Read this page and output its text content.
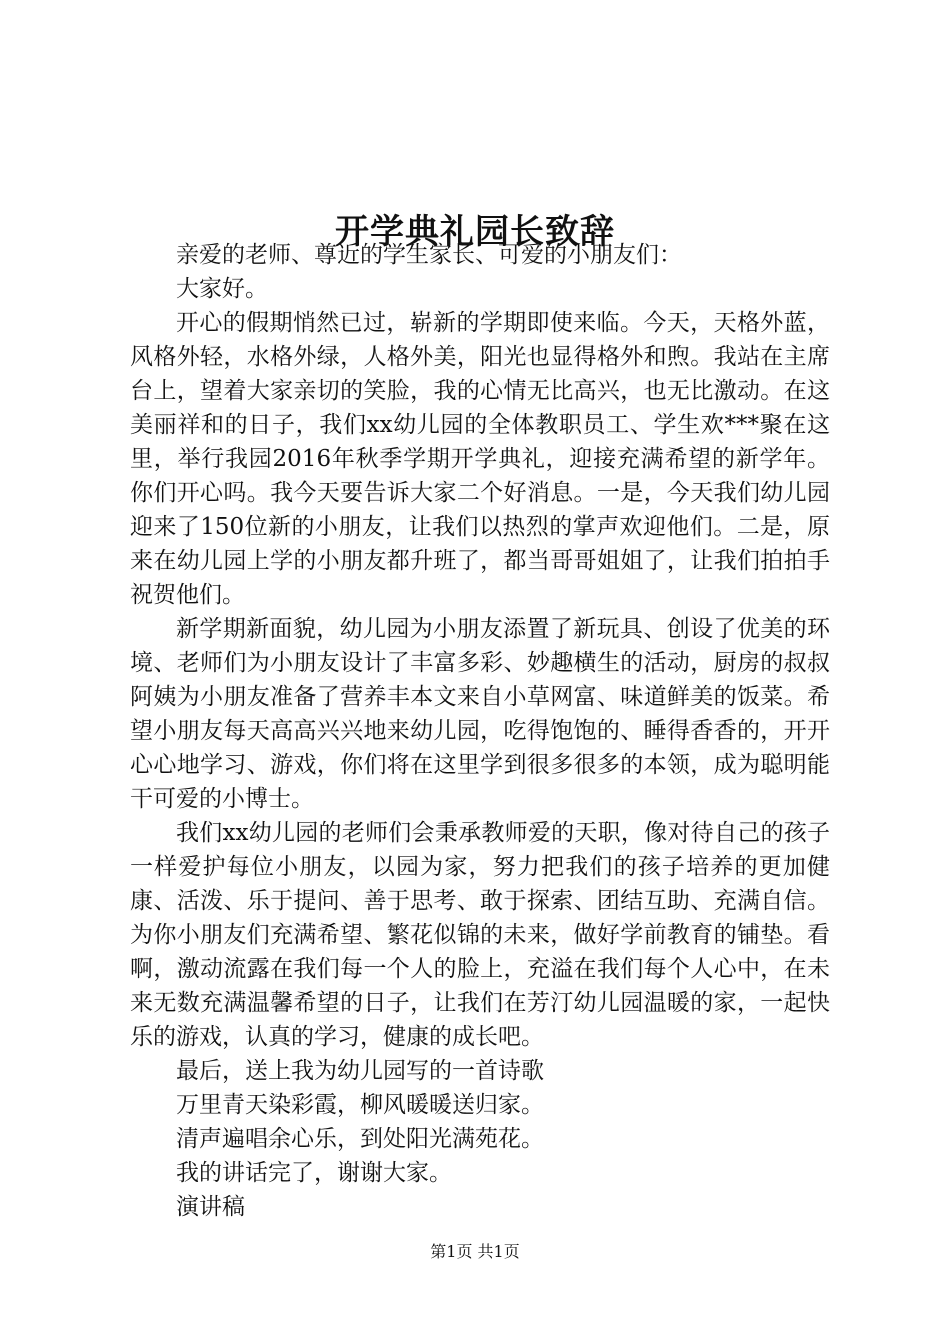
开学典礼园长致辞

亲爱的老师、尊近的学生家长、可爱的小朋友们：

大家好。

开心的假期悄然已过，崭新的学期即使来临。今天，天格外蓝，风格外轻，水格外绿，人格外美，阳光也显得格外和煦。我站在主席台上，望着大家亲切的笑脸，我的心情无比高兴，也无比激动。在这美丽祥和的日子，我们xx幼儿园的全体教职员工、学生欢***聚在这里，举行我园2016年秋季学期开学典礼，迎接充满希望的新学年。你们开心吗。我今天要告诉大家二个好消息。一是，今天我们幼儿园迎来了150位新的小朋友，让我们以热烈的掌声欢迎他们。二是，原来在幼儿园上学的小朋友都升班了，都当哥哥姐姐了，让我们拍拍手祝贺他们。

新学期新面貌，幼儿园为小朋友添置了新玩具、创设了优美的环境、老师们为小朋友设计了丰富多彩、妙趣横生的活动，厨房的叔叔阿姨为小朋友准备了营养丰本文来自小草网富、味道鲜美的饭菜。希望小朋友每天高高兴兴地来幼儿园，吃得饱饱的、睡得香香的，开开心心地学习、游戏，你们将在这里学到很多很多的本领，成为聪明能干可爱的小博士。

我们xx幼儿园的老师们会秉承教师爱的天职，像对待自己的孩子一样爱护每位小朋友，以园为家，努力把我们的孩子培养的更加健康、活泼、乐于提问、善于思考、敢于探索、团结互助、充满自信。为你小朋友们充满希望、繁花似锦的未来，做好学前教育的铺垫。看啊，激动流露在我们每一个人的脸上，充溢在我们每个人心中，在未来无数充满温馨希望的日子，让我们在芳汀幼儿园温暖的家，一起快乐的游戏，认真的学习，健康的成长吧。

最后，送上我为幼儿园写的一首诗歌

万里青天染彩霞，柳风暖暖送归家。

清声遍唱余心乐，到处阳光满苑花。

我的讲话完了，谢谢大家。

演讲稿

第1页 共1页
